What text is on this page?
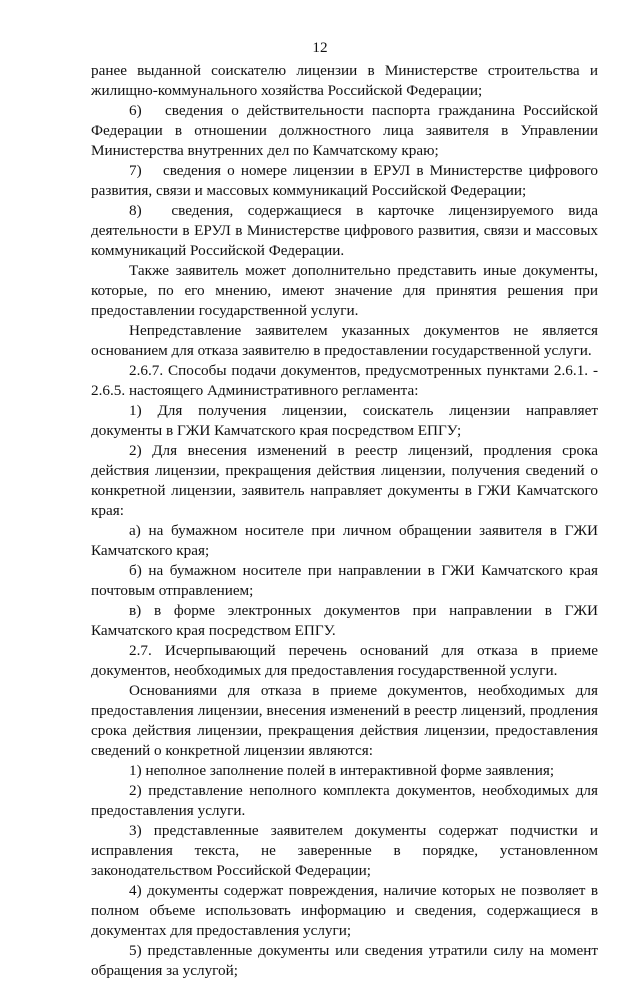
12

ранее выданной соискателю лицензии в Министерстве строительства и жилищно-коммунального хозяйства Российской Федерации;

6)  сведения о действительности паспорта гражданина Российской Федерации в отношении должностного лица заявителя в Управлении Министерства внутренних дел по Камчатскому краю;

7)  сведения о номере лицензии в ЕРУЛ в Министерстве цифрового развития, связи и массовых коммуникаций Российской Федерации;

8)  сведения, содержащиеся в карточке лицензируемого вида деятельности в ЕРУЛ в Министерстве цифрового развития, связи и массовых коммуникаций Российской Федерации.

Также заявитель может дополнительно представить иные документы, которые, по его мнению, имеют значение для принятия решения при предоставлении государственной услуги.

Непредставление заявителем указанных документов не является основанием для отказа заявителю в предоставлении государственной услуги.

2.6.7. Способы подачи документов, предусмотренных пунктами 2.6.1. - 2.6.5. настоящего Административного регламента:

1) Для получения лицензии, соискатель лицензии направляет документы в ГЖИ Камчатского края посредством ЕПГУ;

2) Для внесения изменений в реестр лицензий, продления срока действия лицензии, прекращения действия лицензии, получения сведений о конкретной лицензии, заявитель направляет документы в ГЖИ Камчатского края:

а) на бумажном носителе при личном обращении заявителя в ГЖИ Камчатского края;

б) на бумажном носителе при направлении в ГЖИ Камчатского края почтовым отправлением;

в) в форме электронных документов при направлении в ГЖИ Камчатского края посредством ЕПГУ.

2.7. Исчерпывающий перечень оснований для отказа в приеме документов, необходимых для предоставления государственной услуги.

Основаниями для отказа в приеме документов, необходимых для предоставления лицензии, внесения изменений в реестр лицензий, продления срока действия лицензии, прекращения действия лицензии, предоставления сведений о конкретной лицензии являются:

1) неполное заполнение полей в интерактивной форме заявления;

2) представление неполного комплекта документов, необходимых для предоставления услуги.

3) представленные заявителем документы содержат подчистки и исправления текста, не заверенные в порядке, установленном законодательством Российской Федерации;

4) документы содержат повреждения, наличие которых не позволяет в полном объеме использовать информацию и сведения, содержащиеся в документах для предоставления услуги;

5) представленные документы или сведения утратили силу на момент обращения за услугой;
